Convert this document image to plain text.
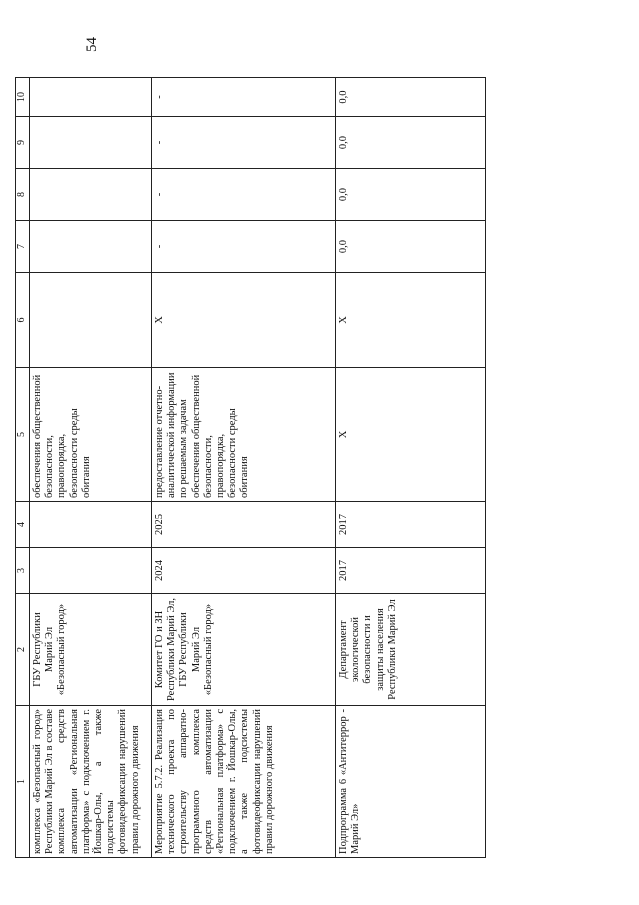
54
1	2	3	4	5	6	7	8	9	10
комплекса «Безопасный город» Республики Марий Эл в составе комплекса средств автоматизации «Региональная платформа» с подключением г. Йошкар-Олы, а также подсистемы фотовидеофиксации нарушений правил дорожного движения	ГБУ Республики Марий Эл «Безопасный город»			обеспечения общественной безопасности, правопорядка, безопасности среды обитания					
Мероприятие 5.7.2. Реализация технического проекта по строительству аппаратно-программного комплекса средств автоматизации «Региональная платформа» с подключением г. Йошкар-Олы, а также подсистемы фотовидеофиксации нарушений правил дорожного движения	Комитет ГО и ЗН Республики Марий Эл, ГБУ Республики Марий Эл «Безопасный город»	2024	2025	предоставление отчетно-аналитической информации по решаемым задачам обеспечения общественной безопасности, правопорядка, безопасности среды обитания	Х	-	-	-	-
Подпрограмма 6 «Антитеррор - Марий Эл»	Департамент экологической безопасности и защиты населения Республики Марий Эл	2017	2017	Х	Х	0,0	0,0	0,0	0,0
